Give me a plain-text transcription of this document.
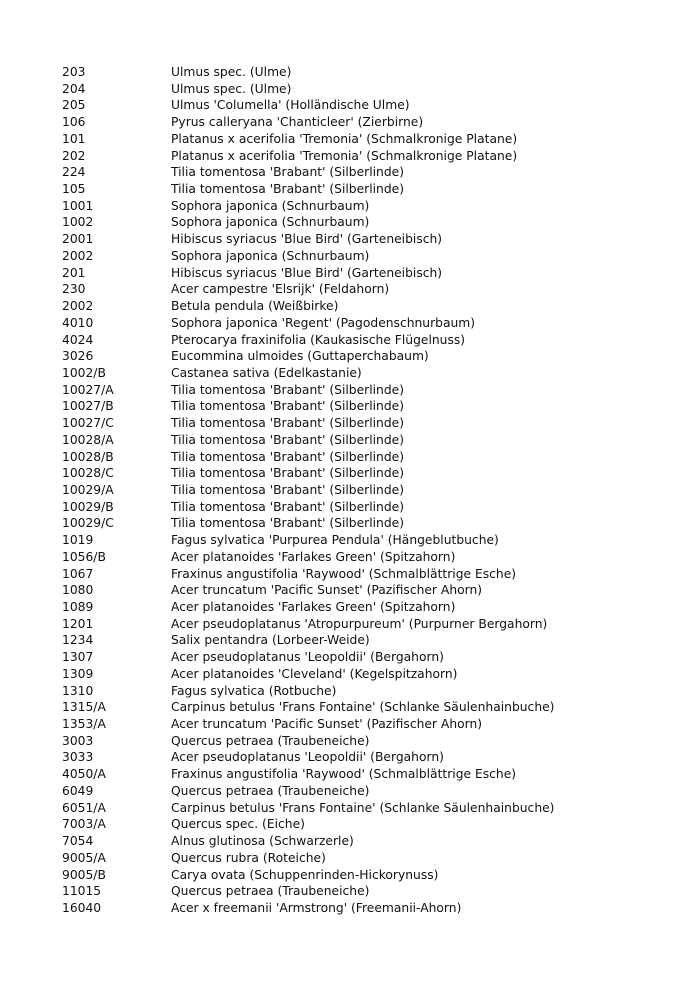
203	Ulmus spec. (Ulme)
204	Ulmus spec. (Ulme)
205	Ulmus 'Columella' (Holländische Ulme)
106	Pyrus calleryana 'Chanticleer' (Zierbirne)
101	Platanus x acerifolia 'Tremonia' (Schmalkronige Platane)
202	Platanus x acerifolia 'Tremonia' (Schmalkronige Platane)
224	Tilia tomentosa 'Brabant' (Silberlinde)
105	Tilia tomentosa 'Brabant' (Silberlinde)
1001	Sophora japonica (Schnurbaum)
1002	Sophora japonica (Schnurbaum)
2001	Hibiscus syriacus 'Blue Bird' (Garteneibisch)
2002	Sophora japonica (Schnurbaum)
201	Hibiscus syriacus 'Blue Bird' (Garteneibisch)
230	Acer campestre 'Elsrijk' (Feldahorn)
2002	Betula pendula (Weißbirke)
4010	Sophora japonica 'Regent' (Pagodenschnurbaum)
4024	Pterocarya fraxinifolia (Kaukasische Flügelnuss)
3026	Eucommina ulmoides (Guttaperchabaum)
1002/B	Castanea sativa (Edelkastanie)
10027/A	Tilia tomentosa 'Brabant' (Silberlinde)
10027/B	Tilia tomentosa 'Brabant' (Silberlinde)
10027/C	Tilia tomentosa 'Brabant' (Silberlinde)
10028/A	Tilia tomentosa 'Brabant' (Silberlinde)
10028/B	Tilia tomentosa 'Brabant' (Silberlinde)
10028/C	Tilia tomentosa 'Brabant' (Silberlinde)
10029/A	Tilia tomentosa 'Brabant' (Silberlinde)
10029/B	Tilia tomentosa 'Brabant' (Silberlinde)
10029/C	Tilia tomentosa 'Brabant' (Silberlinde)
1019	Fagus sylvatica 'Purpurea Pendula' (Hängeblutbuche)
1056/B	Acer platanoides 'Farlakes Green' (Spitzahorn)
1067	Fraxinus angustifolia 'Raywood' (Schmalblättrige Esche)
1080	Acer truncatum 'Pacific Sunset' (Pazifischer Ahorn)
1089	Acer platanoides 'Farlakes Green' (Spitzahorn)
1201	Acer pseudoplatanus 'Atropurpureum' (Purpurner Bergahorn)
1234	Salix pentandra (Lorbeer-Weide)
1307	Acer pseudoplatanus 'Leopoldii' (Bergahorn)
1309	Acer platanoides 'Cleveland' (Kegelspitzahorn)
1310	Fagus sylvatica (Rotbuche)
1315/A	Carpinus betulus 'Frans Fontaine' (Schlanke Säulenhainbuche)
1353/A	Acer truncatum 'Pacific Sunset' (Pazifischer Ahorn)
3003	Quercus petraea (Traubeneiche)
3033	Acer pseudoplatanus 'Leopoldii' (Bergahorn)
4050/A	Fraxinus angustifolia 'Raywood' (Schmalblättrige Esche)
6049	Quercus petraea (Traubeneiche)
6051/A	Carpinus betulus 'Frans Fontaine' (Schlanke Säulenhainbuche)
7003/A	Quercus spec. (Eiche)
7054	Alnus glutinosa (Schwarzerle)
9005/A	Quercus rubra (Roteiche)
9005/B	Carya ovata (Schuppenrinden-Hickorynuss)
11015	Quercus petraea (Traubeneiche)
16040	Acer x freemanii 'Armstrong' (Freemanii-Ahorn)
